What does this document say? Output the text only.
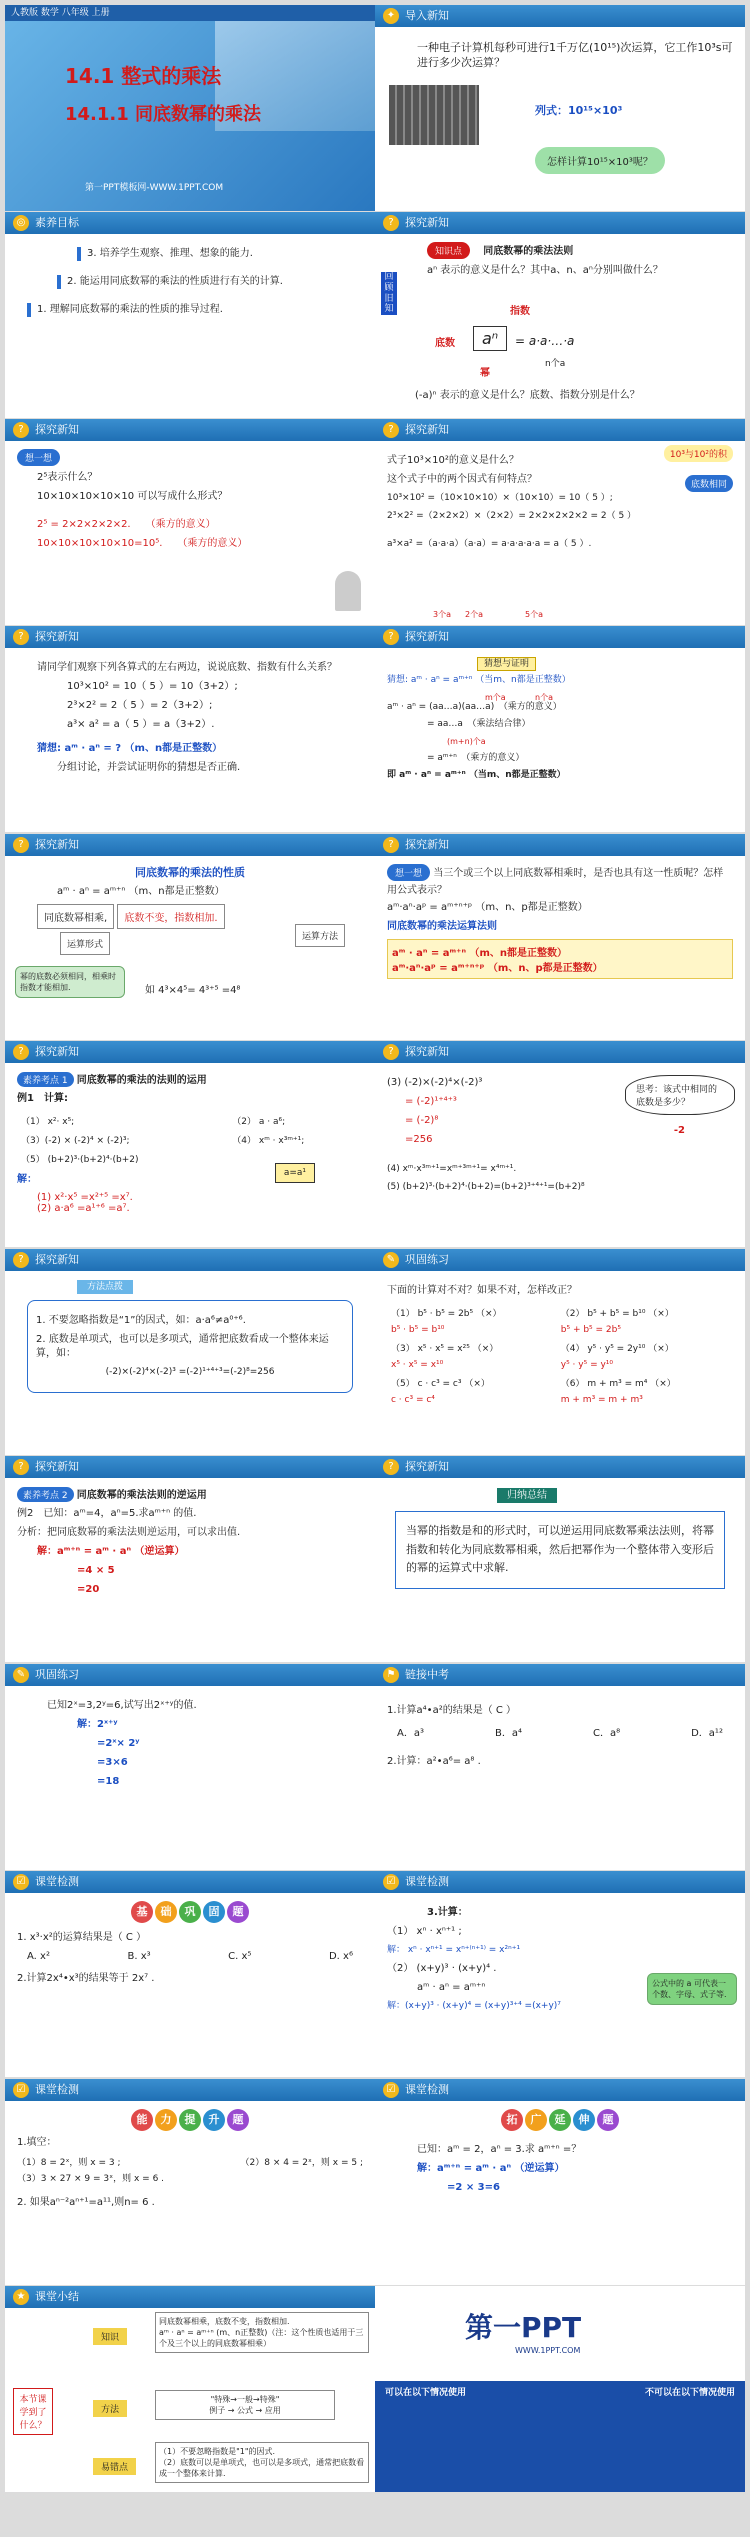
人教版 数学 八年级 上册
14.1 整式的乘法
14.1.1 同底数幂的乘法
第一PPT模板网-WWW.1PPT.COM
✦ 导入新知
一种电子计算机每秒可进行1千万亿(10¹⁵)次运算，它工作10³s可进行多少次运算？
列式：10¹⁵×10³
怎样计算10¹⁵×10³呢？
◎ 素养目标
3. 培养学生观察、推理、想象的能力.
2. 能运用同底数幂的乘法的性质进行有关的计算.
1. 理解同底数幂的乘法的性质的推导过程.
?	探究新知
知识点 同底数幂的乘法法则
aⁿ 表示的意义是什么？其中a、n、aⁿ分别叫做什么？
回顾旧知
底数	aⁿ
指数
幂
= a·a·…·a
n个a
(-a)ⁿ 表示的意义是什么？底数、指数分别是什么？
?	探究新知
想一想
2⁵表示什么？
10×10×10×10×10 可以写成什么形式？
2⁵ = 2×2×2×2×2.　　（乘方的意义）
10×10×10×10×10=10⁵.　　（乘方的意义）
?	探究新知
式子10³×10²的意义是什么？	10³与10²的积
这个式子中的两个因式有何特点？	底数相同
10³×10² =（10×10×10）×（10×10）= 10（ 5 ）;
2³×2² =（2×2×2）×（2×2）= 2×2×2×2×2 = 2（ 5 ）
a³×a² =（a·a·a）（a·a）= a·a·a·a·a = a（ 5 ）.
3个a 2个a	5个a
?	探究新知
请同学们观察下列各算式的左右两边，说说底数、指数有什么关系？
10³×10² = 10（ 5 ）= 10（3+2）;
2³×2² = 2（ 5 ）= 2（3+2）;
a³× a² = a（ 5 ）= a（3+2）.
猜想: aᵐ · aⁿ = ? （m、n都是正整数）
分组讨论，并尝试证明你的猜想是否正确.
?	探究新知
猜想与证明
猜想: aᵐ · aⁿ = aᵐ⁺ⁿ （当m、n都是正整数）
m个a	n个a
aᵐ · aⁿ = (aa…a)(aa…a)　（乘方的意义）
= aa…a　（乘法结合律）
(m+n)个a
= aᵐ⁺ⁿ　（乘方的意义）
即 aᵐ · aⁿ = aᵐ⁺ⁿ （当m、n都是正整数）
?	探究新知
同底数幂的乘法的性质
aᵐ · aⁿ = aᵐ⁺ⁿ （m、n都是正整数）
同底数幂相乘, 底数不变，指数相加.
运算形式
运算方法
幂的底数必须相同，相乘时指数才能相加.	如 4³×4⁵= 4³⁺⁵ =4⁸
?	探究新知
想一想 当三个或三个以上同底数幂相乘时，是否也具有这一性质呢？怎样用公式表示？
aᵐ·aⁿ·aᵖ = aᵐ⁺ⁿ⁺ᵖ （m、n、p都是正整数）
同底数幂的乘法运算法则
aᵐ · aⁿ = aᵐ⁺ⁿ （m、n都是正整数）
aᵐ·aⁿ·aᵖ = aᵐ⁺ⁿ⁺ᵖ （m、n、p都是正整数）
?	探究新知
素养考点 1 同底数幂的乘法的法则的运用
例1　计算:
（1） x²· x⁵;	（2） a · a⁶;
（3）(-2) × (-2)⁴ × (-2)³;	（4） xᵐ · x³ᵐ⁺¹;
（5） (b+2)³·(b+2)⁴·(b+2)	
a=a¹
解：
(1) x²·x⁵ =x²⁺⁵ =x⁷.
(2) a·a⁶ =a¹⁺⁶ =a⁷.
?	探究新知
(3) (-2)×(-2)⁴×(-2)³
= (-2)¹⁺⁴⁺³
= (-2)⁸
=256
思考：该式中相同的底数是多少？
-2
(4) xᵐ·x³ᵐ⁺¹=xᵐ⁺³ᵐ⁺¹= x⁴ᵐ⁺¹.
(5) (b+2)³·(b+2)⁴·(b+2)=(b+2)³⁺⁴⁺¹=(b+2)⁸
?	探究新知
方法点拨
1. 不要忽略指数是“1”的因式，如：a·a⁶≠a⁰⁺⁶.
2. 底数是单项式，也可以是多项式，通常把底数看成一个整体来运算，如：
(-2)×(-2)⁴×(-2)³ =(-2)¹⁺⁴⁺³=(-2)⁸=256
✎ 巩固练习
下面的计算对不对？如果不对，怎样改正？
（1） b⁵ · b⁵ = 2b⁵ （×）	（2） b⁵ + b⁵ = b¹⁰ （×）
b⁵ · b⁵ = b¹⁰	b⁵ + b⁵ = 2b⁵
（3） x⁵ · x⁵ = x²⁵ （×）	（4） y⁵ · y⁵ = 2y¹⁰ （×）
x⁵ · x⁵ = x¹⁰	y⁵ · y⁵ = y¹⁰
（5） c · c³ = c³ （×）	（6） m + m³ = m⁴ （×）
c · c³ = c⁴	m + m³ = m + m³
?	探究新知
素养考点 2 同底数幂的乘法法则的逆运用
例2　已知：aᵐ=4，aⁿ=5.求aᵐ⁺ⁿ 的值.
分析：把同底数幂的乘法法则逆运用，可以求出值.
解：aᵐ⁺ⁿ = aᵐ · aⁿ （逆运算）
=4 × 5
=20
?	探究新知
归纳总结
当幂的指数是和的形式时，可以逆运用同底数幂乘法法则，将幂指数和转化为同底数幂相乘，然后把幂作为一个整体带入变形后的幂的运算式中求解.
✎ 巩固练习
已知2ˣ=3,2ʸ=6,试写出2ˣ⁺ʸ的值.
解：2ˣ⁺ʸ
=2ˣ× 2ʸ
=3×6
=18
⚑ 链接中考
1.计算a⁴•a²的结果是（ C ）
A．a³	B．a⁴	C．a⁸	D．a¹²
2.计算：a²•a⁶= a⁸ .
☑ 课堂检测
基 础 巩 固 题
1. x³·x²的运算结果是（ C ）
A. x²	B. x³	C. x⁵	D. x⁶
2.计算2x⁴•x³的结果等于 2x⁷ .
☑ 课堂检测
3.计算：
（1） xⁿ · xⁿ⁺¹ ;
解： xⁿ · xⁿ⁺¹ = xⁿ⁺⁽ⁿ⁺¹⁾ = x²ⁿ⁺¹
（2） (x+y)³ · (x+y)⁴ .
公式中的 a 可代表一个数、字母、式子等.
aᵐ · aⁿ = aᵐ⁺ⁿ
解：(x+y)³ · (x+y)⁴ = (x+y)³⁺⁴ =(x+y)⁷
☑ 课堂检测
能 力 提 升 题
1.填空：
（1）8 = 2ˣ，则 x = 3 ;	（2）8 × 4 = 2ˣ，则 x = 5 ;
（3）3 × 27 × 9 = 3ˣ，则 x = 6 .
2. 如果aⁿ⁻²aⁿ⁺¹=a¹¹,则n= 6 .
☑ 课堂检测
拓 广 延 伸 题
已知：aᵐ = 2，aⁿ = 3.求 aᵐ⁺ⁿ =？
解：aᵐ⁺ⁿ = aᵐ · aⁿ （逆运算）
=2 × 3=6
★ 课堂小结
本节课学到了什么？
知识
方法
易错点
同底数幂相乘，底数不变，指数相加.
aᵐ · aⁿ = aᵐ⁺ⁿ (m、n正整数)（注：这个性质也适用于三个及三个以上的同底数幂相乘）
"特殊→一般→特殊"
例子 → 公式 → 应用
（1）不要忽略指数是"1"的因式.
（2）底数可以是单项式，也可以是多项式，通常把底数看成一个整体来计算.
第一PPT
WWW.1PPT.COM
可以在以下情况使用	不可以在以下情况使用
